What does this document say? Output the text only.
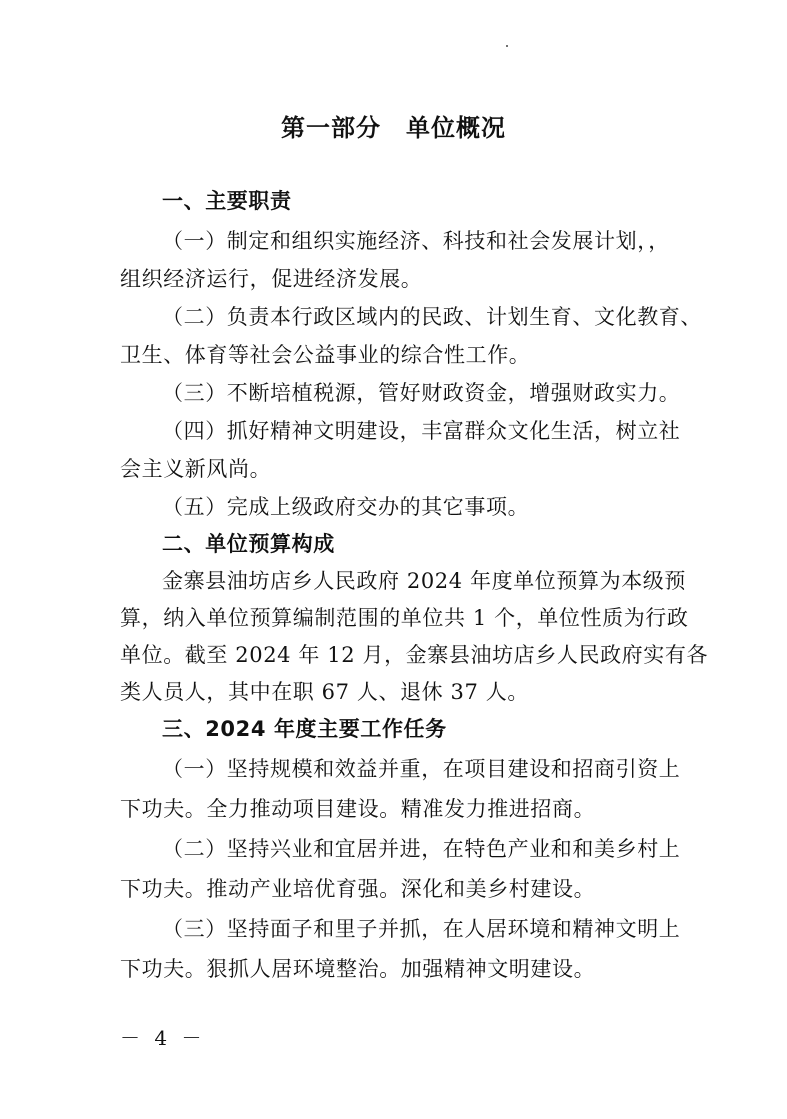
第一部分　单位概况
一、主要职责
（一）制定和组织实施经济、科技和社会发展计划，，
组织经济运行，促进经济发展。
（二）负责本行政区域内的民政、计划生育、文化教育、
卫生、体育等社会公益事业的综合性工作。
（三）不断培植税源，管好财政资金，增强财政实力。
（四）抓好精神文明建设，丰富群众文化生活，树立社
会主义新风尚。
（五）完成上级政府交办的其它事项。
二、单位预算构成
金寨县油坊店乡人民政府 2024 年度单位预算为本级预
算，纳入单位预算编制范围的单位共 1 个，单位性质为行政
单位。截至 2024 年 12 月，金寨县油坊店乡人民政府实有各
类人员人，其中在职 67 人、退休 37 人。
三、2024 年度主要工作任务
（一）坚持规模和效益并重，在项目建设和招商引资上
下功夫。全力推动项目建设。精准发力推进招商。
（二）坚持兴业和宜居并进，在特色产业和和美乡村上
下功夫。推动产业培优育强。深化和美乡村建设。
（三）坚持面子和里子并抓，在人居环境和精神文明上
下功夫。狠抓人居环境整治。加强精神文明建设。
－ 4 －
